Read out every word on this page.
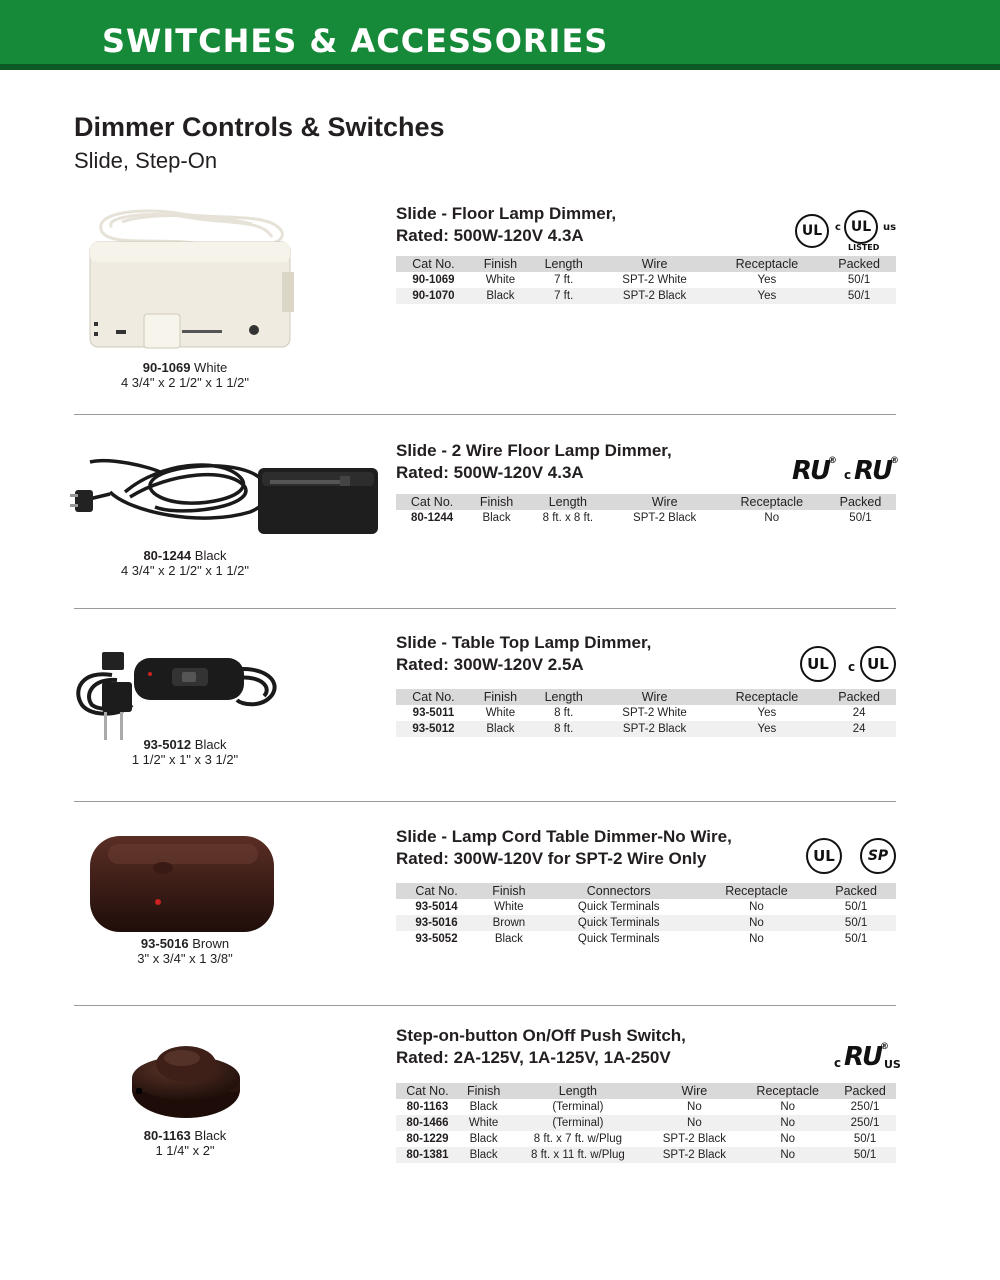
SWITCHES & ACCESSORIES
Dimmer Controls & Switches
Slide, Step-On
90-1069 White
4 3/4" x 2 1/2" x 1 1/2"
Slide - Floor Lamp Dimmer,
Rated: 500W-120V 4.3A	UL	c UL	us
LISTED
Cat No.	Finish	Length	Wire	Receptacle	Packed
90-1069	White	7 ft.	SPT-2 White	Yes	50/1
90-1070	Black	7 ft.	SPT-2 Black	Yes	50/1
80-1244 Black
4 3/4" x 2 1/2" x 1 1/2"
Slide - 2 Wire Floor Lamp Dimmer,
Rated: 500W-120V 4.3A	RU
®
c RU
®
Cat No.	Finish	Length	Wire	Receptacle	Packed
80-1244	Black	8 ft. x 8 ft.	SPT-2 Black	No	50/1
93-5012 Black
1 1/2" x 1" x 3 1/2"
Slide - Table Top Lamp Dimmer,
Rated: 300W-120V 2.5A	UL	c UL
Cat No.	Finish	Length	Wire	Receptacle	Packed
93-5011	White	8 ft.	SPT-2 White	Yes	24
93-5012	Black	8 ft.	SPT-2 Black	Yes	24
93-5016 Brown
3" x 3/4" x 1 3/8"
Slide - Lamp Cord Table Dimmer-No Wire,
Rated: 300W-120V for SPT-2 Wire Only	UL	SP
Cat No.	Finish	Connectors	Receptacle	Packed
93-5014	White	Quick Terminals	No	50/1
93-5016	Brown	Quick Terminals	No	50/1
93-5052	Black	Quick Terminals	No	50/1
80-1163 Black
1 1/4" x 2"
Step-on-button On/Off Push Switch,
Rated: 2A-125V, 1A-125V, 1A-250V	c RU
®
US
Cat No.	Finish	Length	Wire	Receptacle	Packed
80-1163	Black	(Terminal)	No	No	250/1
80-1466	White	(Terminal)	No	No	250/1
80-1229	Black	8 ft. x 7 ft. w/Plug	SPT-2 Black	No	50/1
80-1381	Black	8 ft. x 11 ft. w/Plug	SPT-2 Black	No	50/1
